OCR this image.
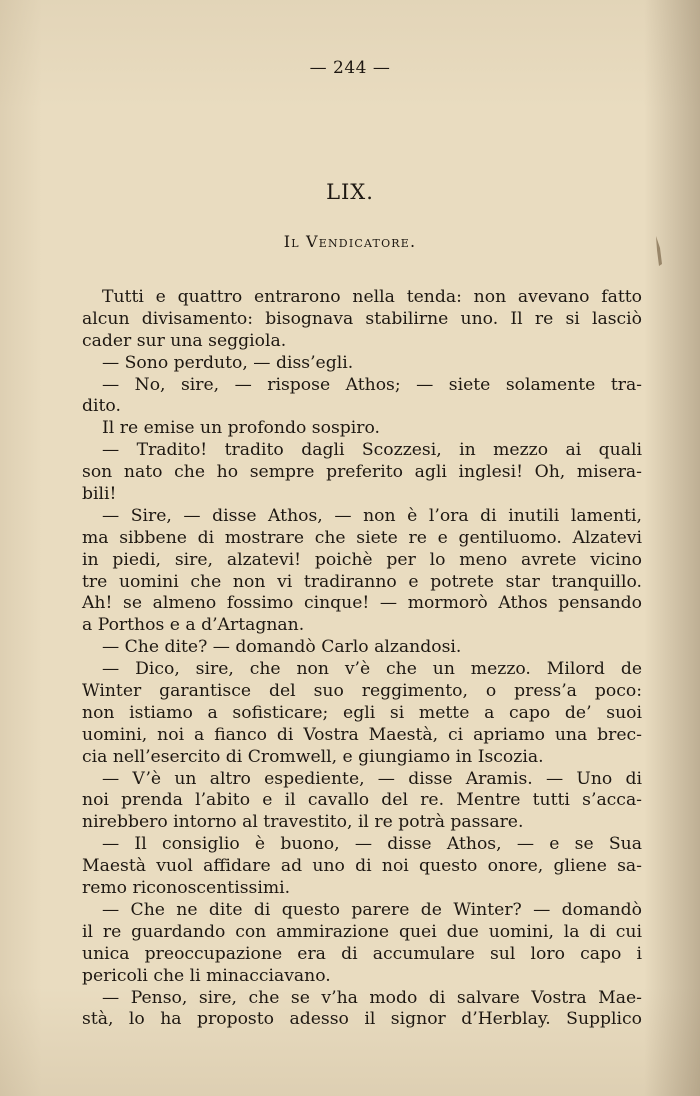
— 244 —
LIX.
Il Vendicatore.
Tutti e quattro entrarono nella tenda: non avevano fatto
alcun divisamento: bisognava stabilirne uno. Il re si lasciò
cader sur una seggiola.
— Sono perduto, — diss’egli.
— No, sire, — rispose Athos; — siete solamente tra-
dito.
Il re emise un profondo sospiro.
— Tradito! tradito dagli Scozzesi, in mezzo ai quali
son nato che ho sempre preferito agli inglesi! Oh, misera-
bili!
— Sire, — disse Athos, — non è l’ora di inutili lamenti,
ma sibbene di mostrare che siete re e gentiluomo. Alzatevi
in piedi, sire, alzatevi! poichè per lo meno avrete vicino
tre uomini che non vi tradiranno e potrete star tranquillo.
Ah! se almeno fossimo cinque! — mormorò Athos pensando
a Porthos e a d’Artagnan.
— Che dite? — domandò Carlo alzandosi.
— Dico, sire, che non v’è che un mezzo. Milord de
Winter garantisce del suo reggimento, o press’a poco:
non istiamo a sofisticare; egli si mette a capo de’ suoi
uomini, noi a fianco di Vostra Maestà, ci apriamo una brec-
cia nell’esercito di Cromwell, e giungiamo in Iscozia.
— V’è un altro espediente, — disse Aramis. — Uno di
noi prenda l’abito e il cavallo del re. Mentre tutti s’acca-
nirebbero intorno al travestito, il re potrà passare.
— Il consiglio è buono, — disse Athos, — e se Sua
Maestà vuol affidare ad uno di noi questo onore, gliene sa-
remo riconoscentissimi.
— Che ne dite di questo parere de Winter? — domandò
il re guardando con ammirazione quei due uomini, la di cui
unica preoccupazione era di accumulare sul loro capo i
pericoli che li minacciavano.
— Penso, sire, che se v’ha modo di salvare Vostra Mae-
stà, lo ha proposto adesso il signor d’Herblay. Supplico
